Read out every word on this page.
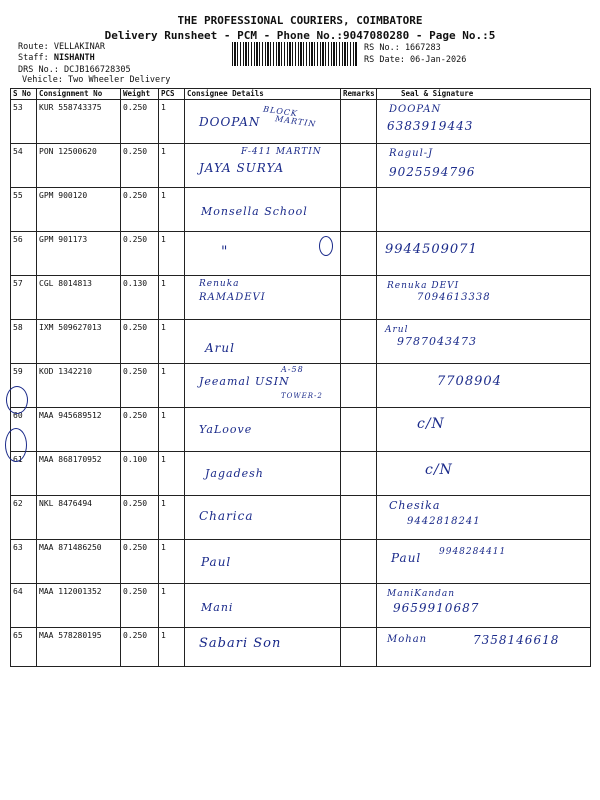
THE PROFESSIONAL COURIERS, COIMBATORE
Delivery Runsheet - PCM - Phone No.:9047080280 - Page No.:5
Route: VELLAKINAR
Staff: NISHANTH
DRS No.: DCJB166728305
Vehicle: Two Wheeler Delivery
RS No.: 1667283
RS Date: 06-Jan-2026
S No	Consignment No	Weight	PCS	Consignee Details	Remarks	Seal & Signature
53	KUR 558743375	0.250	1	DOOPAN
BLOCK
MARTIN		DOOPAN
6383919443

54	PON 12500620	0.250	1	F-411 MARTIN
JAYA SURYA		Ragul-J
9025594796

55	GPM 900120	0.250	1	Monsella School		

56	GPM 901173	0.250	1	"		9944509071

57	CGL 8014813	0.130	1	Renuka
RAMADEVI		Renuka DEVI
7094613338

58	IXM 509627013	0.250	1	Arul		Arul
9787043473

59	KOD 1342210	0.250	1	A-58
Jeeamal USIN
TOWER-2		7708904

60	MAA 945689512	0.250	1	YaLoove		c/N

61	MAA 868170952	0.100	1	Jagadesh		c/N

62	NKL 8476494	0.250	1	Charica		Chesika
9442818241

63	MAA 871486250	0.250	1	Paul		Paul 9948284411

64	MAA 112001352	0.250	1	Mani		ManiKandan
9659910687

65	MAA 578280195	0.250	1	Sabari Son		Mohan 7358146618
